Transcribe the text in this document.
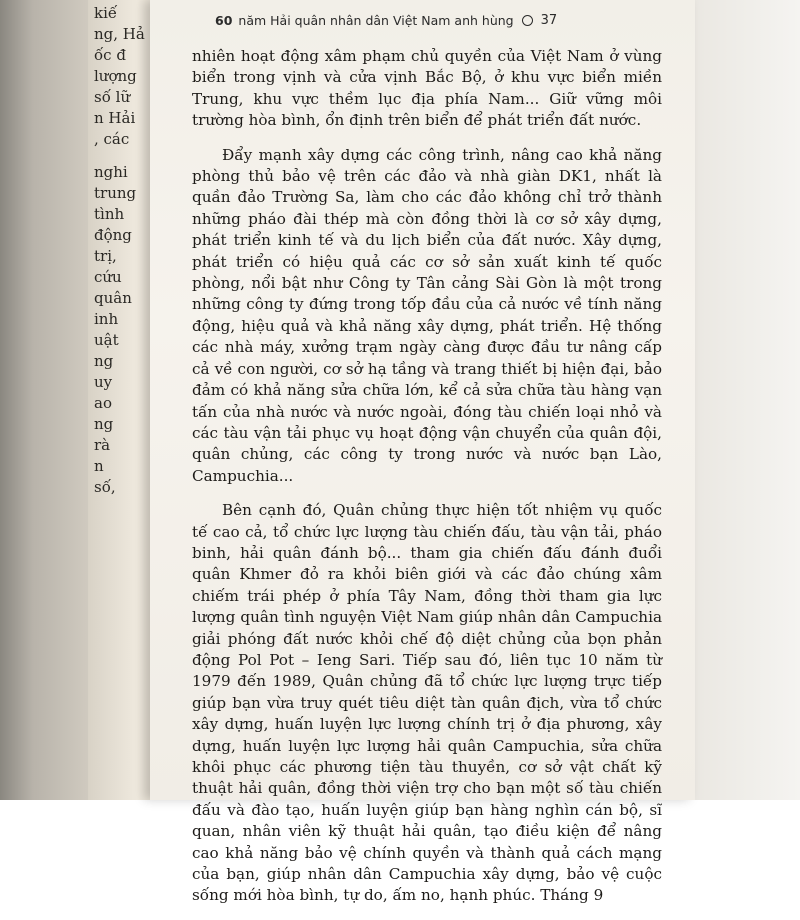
kiế
ng, Hả
ốc đ
lượng
số lữ
n Hải
, các
nghi
trung
tình
động
trị,
cứu
quân
inh
uật
ng
uy
ao
ng
rà
n
số,
60 năm Hải quân nhân dân Việt Nam anh hùng 37

nhiên hoạt động xâm phạm chủ quyền của Việt Nam ở vùng biển trong vịnh và cửa vịnh Bắc Bộ, ở khu vực biển miền Trung, khu vực thềm lục địa phía Nam... Giữ vững môi trường hòa bình, ổn định trên biển để phát triển đất nước.

Đẩy mạnh xây dựng các công trình, nâng cao khả năng phòng thủ bảo vệ trên các đảo và nhà giàn DK1, nhất là quần đảo Trường Sa, làm cho các đảo không chỉ trở thành những pháo đài thép mà còn đồng thời là cơ sở xây dựng, phát triển kinh tế và du lịch biển của đất nước. Xây dựng, phát triển có hiệu quả các cơ sở sản xuất kinh tế quốc phòng, nổi bật như Công ty Tân cảng Sài Gòn là một trong những công ty đứng trong tốp đầu của cả nước về tính năng động, hiệu quả và khả năng xây dựng, phát triển. Hệ thống các nhà máy, xưởng trạm ngày càng được đầu tư nâng cấp cả về con người, cơ sở hạ tầng và trang thiết bị hiện đại, bảo đảm có khả năng sửa chữa lớn, kể cả sửa chữa tàu hàng vạn tấn của nhà nước và nước ngoài, đóng tàu chiến loại nhỏ và các tàu vận tải phục vụ hoạt động vận chuyển của quân đội, quân chủng, các công ty trong nước và nước bạn Lào, Campuchia...

Bên cạnh đó, Quân chủng thực hiện tốt nhiệm vụ quốc tế cao cả, tổ chức lực lượng tàu chiến đấu, tàu vận tải, pháo binh, hải quân đánh bộ... tham gia chiến đấu đánh đuổi quân Khmer đỏ ra khỏi biên giới và các đảo chúng xâm chiếm trái phép ở phía Tây Nam, đồng thời tham gia lực lượng quân tình nguyện Việt Nam giúp nhân dân Campuchia giải phóng đất nước khỏi chế độ diệt chủng của bọn phản động Pol Pot – Ieng Sari. Tiếp sau đó, liên tục 10 năm từ 1979 đến 1989, Quân chủng đã tổ chức lực lượng trực tiếp giúp bạn vừa truy quét tiêu diệt tàn quân địch, vừa tổ chức xây dựng, huấn luyện lực lượng chính trị ở địa phương, xây dựng, huấn luyện lực lượng hải quân Campuchia, sửa chữa khôi phục các phương tiện tàu thuyền, cơ sở vật chất kỹ thuật hải quân, đồng thời viện trợ cho bạn một số tàu chiến đấu và đào tạo, huấn luyện giúp bạn hàng nghìn cán bộ, sĩ quan, nhân viên kỹ thuật hải quân, tạo điều kiện để nâng cao khả năng bảo vệ chính quyền và thành quả cách mạng của bạn, giúp nhân dân Campuchia xây dựng, bảo vệ cuộc sống mới hòa bình, tự do, ấm no, hạnh phúc. Tháng 9
